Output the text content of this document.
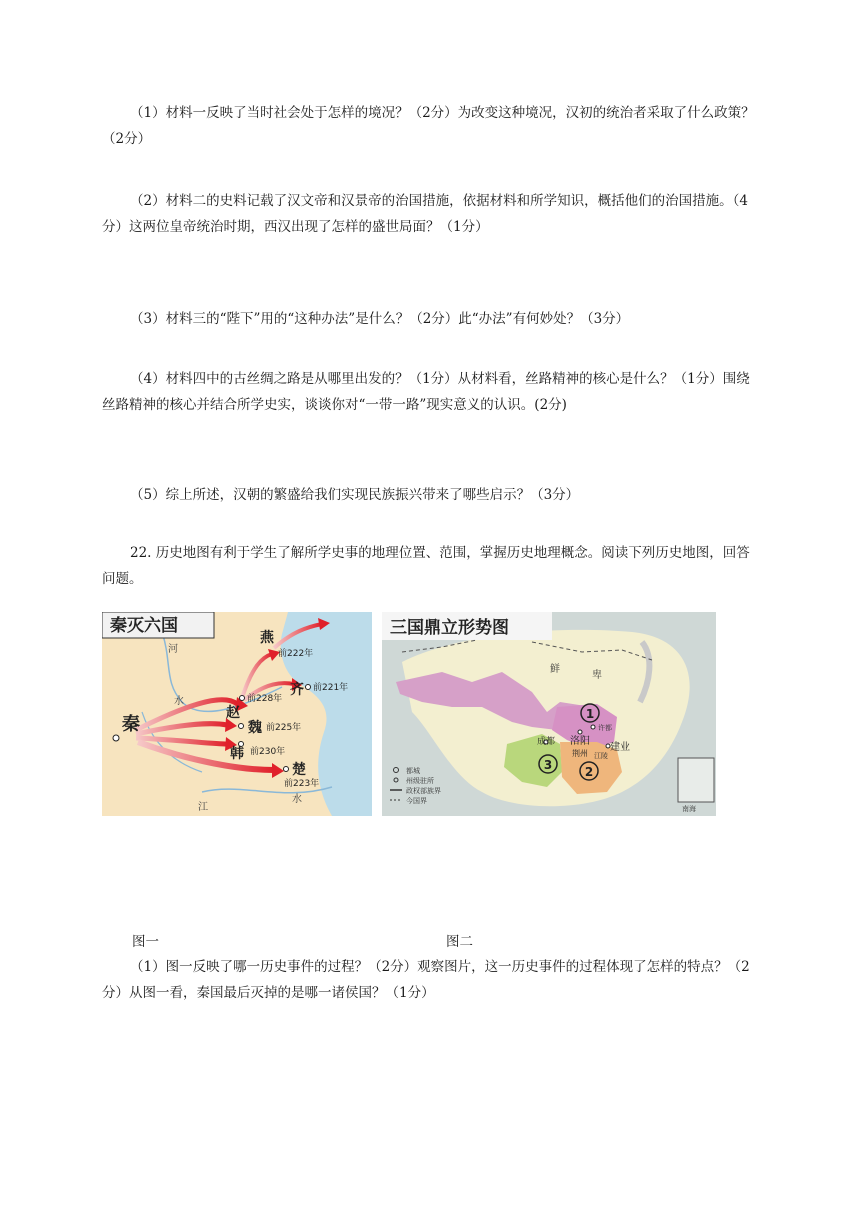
（1）材料一反映了当时社会处于怎样的境况？（2分）为改变这种境况，汉初的统治者采取了什么政策？（2分）

（2）材料二的史料记载了汉文帝和汉景帝的治国措施，依据材料和所学知识，概括他们的治国措施。（4分）这两位皇帝统治时期，西汉出现了怎样的盛世局面？（1分）

（3）材料三的“陛下”用的“这种办法”是什么？（2分）此“办法”有何妙处？（3分）

（4）材料四中的古丝绸之路是从哪里出发的？（1分）从材料看，丝路精神的核心是什么？（1分）围绕丝路精神的核心并结合所学史实，谈谈你对“一带一路”现实意义的认识。(2分)

（5）综上所述，汉朝的繁盛给我们实现民族振兴带来了哪些启示？（3分）

22. 历史地图有利于学生了解所学史事的地理位置、范围，掌握历史地理概念。阅读下列历史地图，回答问题。

秦灭六国
秦
燕
前222年
齐 前221年
赵
前228年
魏 前225年
韩 前230年
楚
前223年
河
水
江
水
三国鼎立形势图
鲜
卑
1
许都
洛阳
成都
3
荆州 江陵
建业
2
都城
州级驻所
政权部族界
今国界
南海
图一	图二

（1）图一反映了哪一历史事件的过程？（2分）观察图片，这一历史事件的过程体现了怎样的特点？（2分）从图一看，秦国最后灭掉的是哪一诸侯国？（1分）
